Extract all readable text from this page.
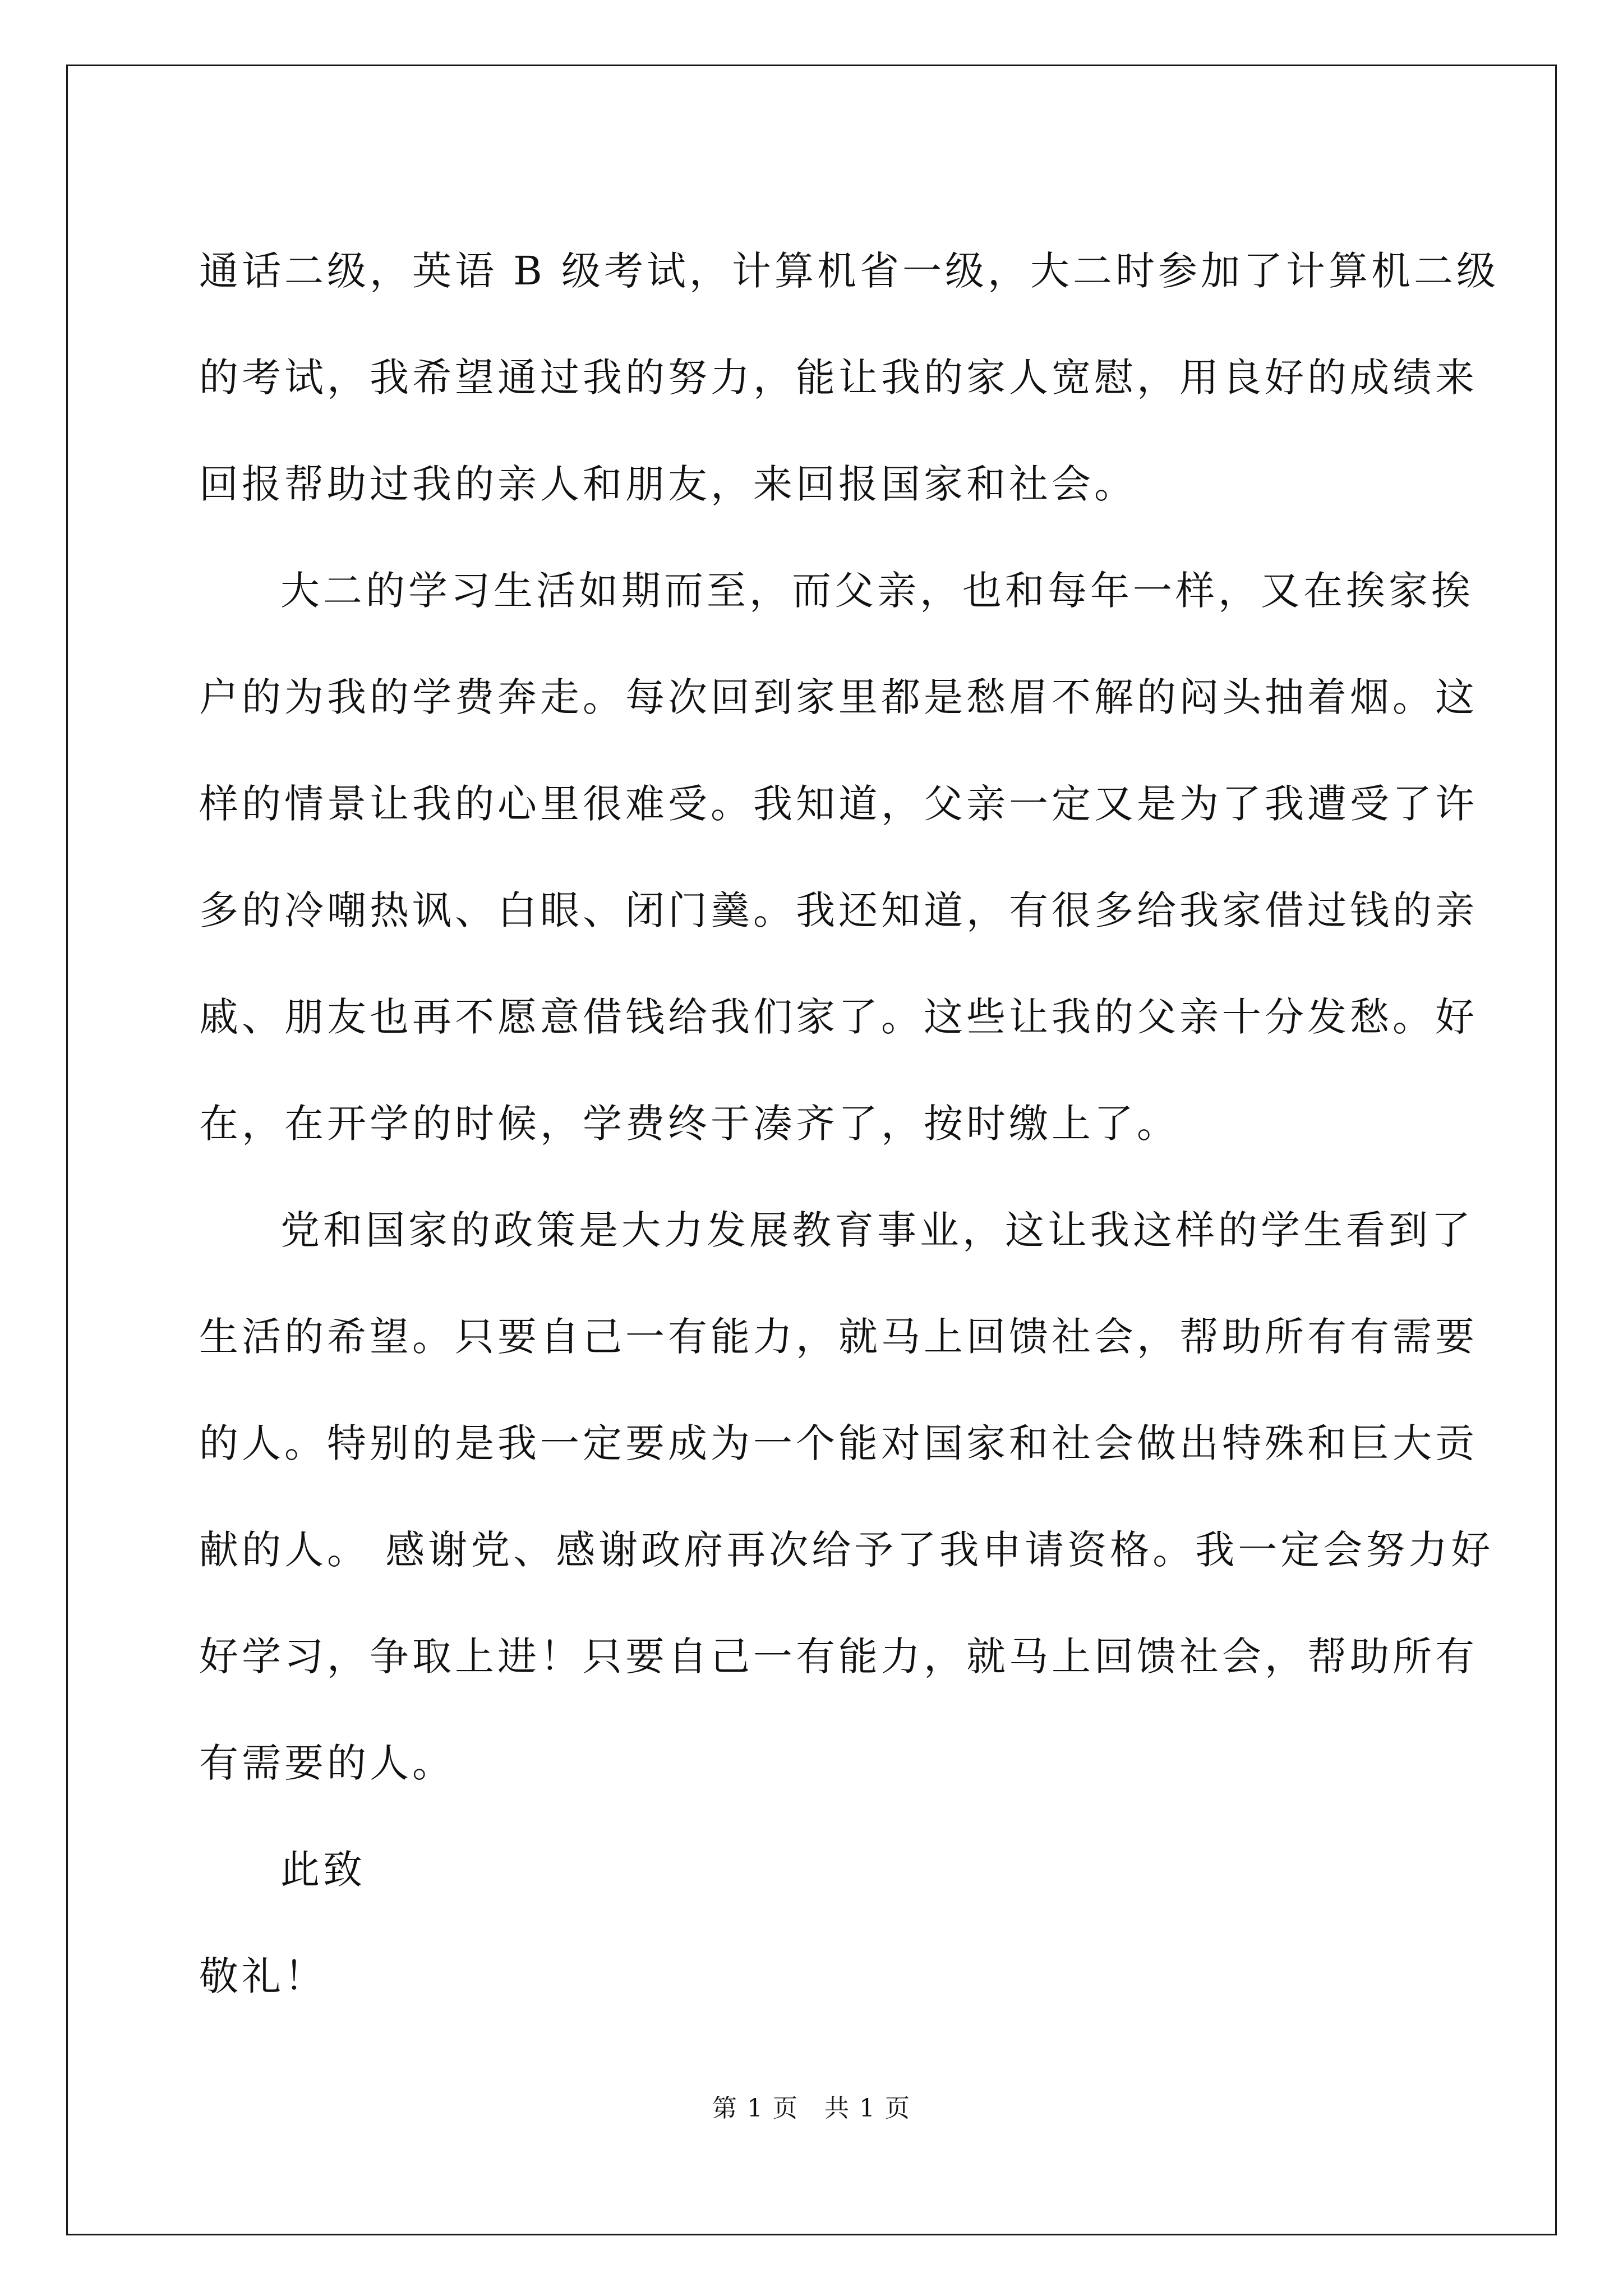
通话二级，英语 B 级考试，计算机省一级，大二时参加了计算机二级
的考试，我希望通过我的努力，能让我的家人宽慰，用良好的成绩来
回报帮助过我的亲人和朋友，来回报国家和社会。
大二的学习生活如期而至，而父亲，也和每年一样，又在挨家挨
户的为我的学费奔走。每次回到家里都是愁眉不解的闷头抽着烟。这
样的情景让我的心里很难受。我知道，父亲一定又是为了我遭受了许
多的冷嘲热讽、白眼、闭门羹。我还知道，有很多给我家借过钱的亲
戚、朋友也再不愿意借钱给我们家了。这些让我的父亲十分发愁。好
在，在开学的时候，学费终于凑齐了，按时缴上了。
党和国家的政策是大力发展教育事业，这让我这样的学生看到了
生活的希望。只要自己一有能力，就马上回馈社会，帮助所有有需要
的人。特别的是我一定要成为一个能对国家和社会做出特殊和巨大贡
献的人。 感谢党、感谢政府再次给予了我申请资格。我一定会努力好
好学习，争取上进！只要自己一有能力，就马上回馈社会，帮助所有
有需要的人。
此致
敬礼！
第 1 页　共 1 页
